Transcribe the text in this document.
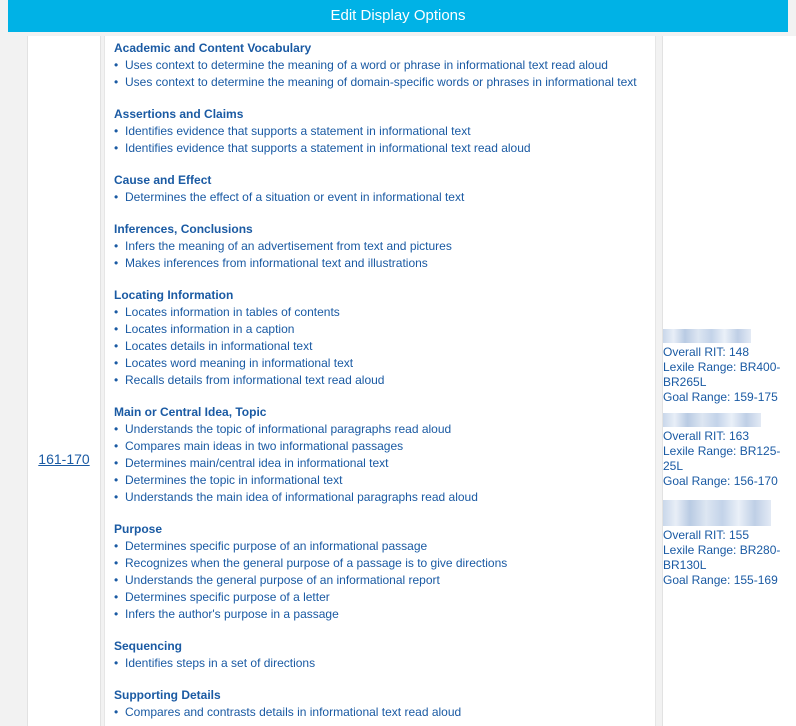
Edit Display Options
161-170
Academic and Content Vocabulary
• Uses context to determine the meaning of a word or phrase in informational text read aloud
• Uses context to determine the meaning of domain-specific words or phrases in informational text
Assertions and Claims
• Identifies evidence that supports a statement in informational text
• Identifies evidence that supports a statement in informational text read aloud
Cause and Effect
• Determines the effect of a situation or event in informational text
Inferences, Conclusions
• Infers the meaning of an advertisement from text and pictures
• Makes inferences from informational text and illustrations
Locating Information
• Locates information in tables of contents
• Locates information in a caption
• Locates details in informational text
• Locates word meaning in informational text
• Recalls details from informational text read aloud
Main or Central Idea, Topic
• Understands the topic of informational paragraphs read aloud
• Compares main ideas in two informational passages
• Determines main/central idea in informational text
• Determines the topic in informational text
• Understands the main idea of informational paragraphs read aloud
Purpose
• Determines specific purpose of an informational passage
• Recognizes when the general purpose of a passage is to give directions
• Understands the general purpose of an informational report
• Determines specific purpose of a letter
• Infers the author's purpose in a passage
Sequencing
• Identifies steps in a set of directions
Supporting Details
• Compares and contrasts details in informational text read aloud
Overall RIT: 148
Lexile Range: BR400-
BR265L
Goal Range: 159-175
Overall RIT: 163
Lexile Range: BR125-
25L
Goal Range: 156-170
Overall RIT: 155
Lexile Range: BR280-
BR130L
Goal Range: 155-169
